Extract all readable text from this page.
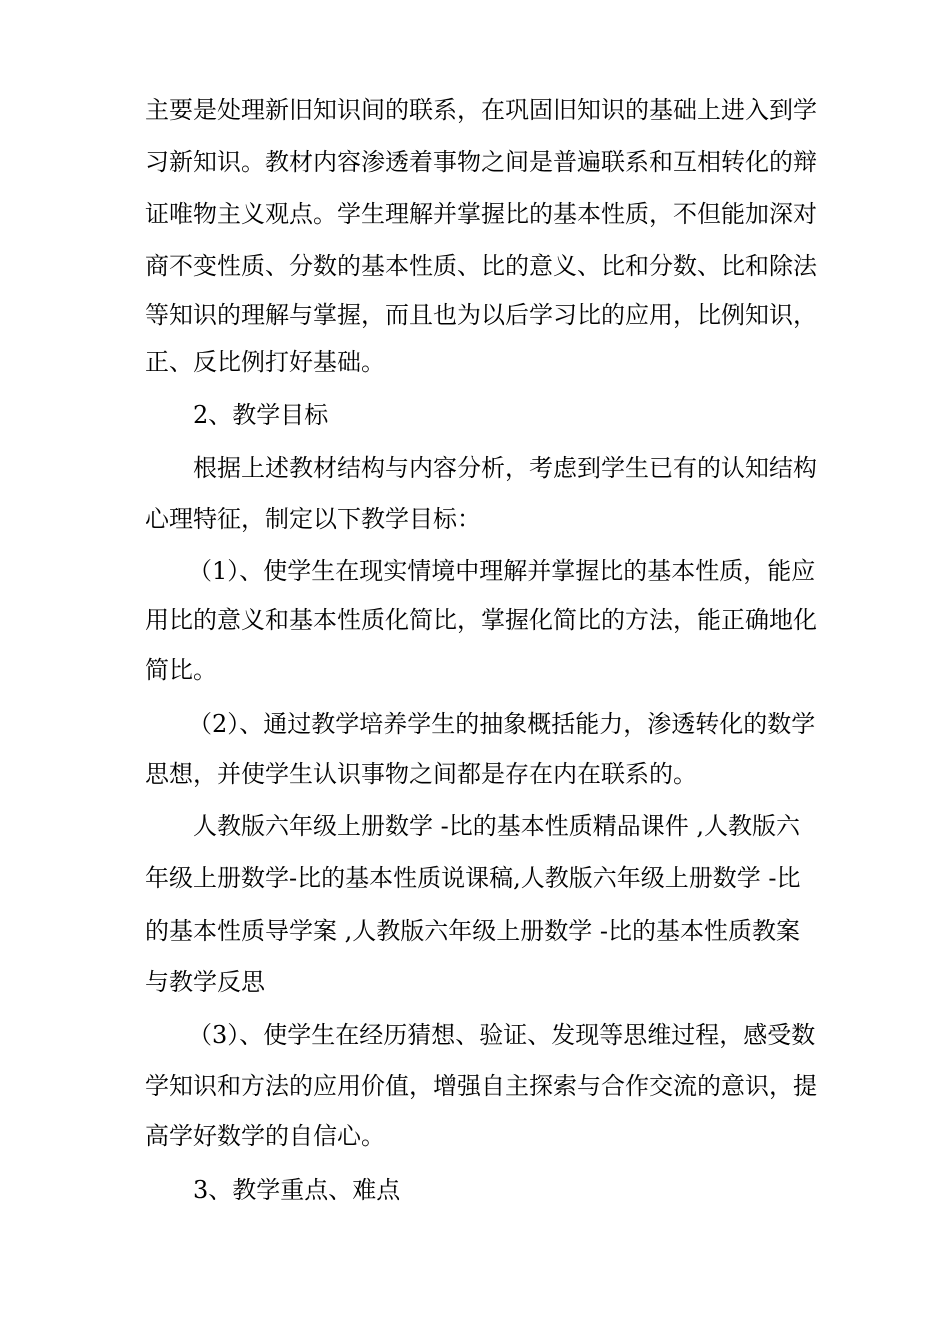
主要是处理新旧知识间的联系，在巩固旧知识的基础上进入到学
习新知识。教材内容渗透着事物之间是普遍联系和互相转化的辩
证唯物主义观点。学生理解并掌握比的基本性质，不但能加深对
商不变性质、分数的基本性质、比的意义、比和分数、比和除法
等知识的理解与掌握，而且也为以后学习比的应用，比例知识，
正、反比例打好基础。
2、教学目标
根据上述教材结构与内容分析，考虑到学生已有的认知结构
心理特征，制定以下教学目标：
（1）、使学生在现实情境中理解并掌握比的基本性质，能应
用比的意义和基本性质化简比，掌握化简比的方法，能正确地化
简比。
（2）、通过教学培养学生的抽象概括能力，渗透转化的数学
思想，并使学生认识事物之间都是存在内在联系的。
人教版六年级上册数学 -比的基本性质精品课件 ,人教版六
年级上册数学-比的基本性质说课稿,人教版六年级上册数学 -比
的基本性质导学案 ,人教版六年级上册数学 -比的基本性质教案
与教学反思
（3）、使学生在经历猜想、验证、发现等思维过程，感受数
学知识和方法的应用价值，增强自主探索与合作交流的意识，提
高学好数学的自信心。
3、教学重点、难点
